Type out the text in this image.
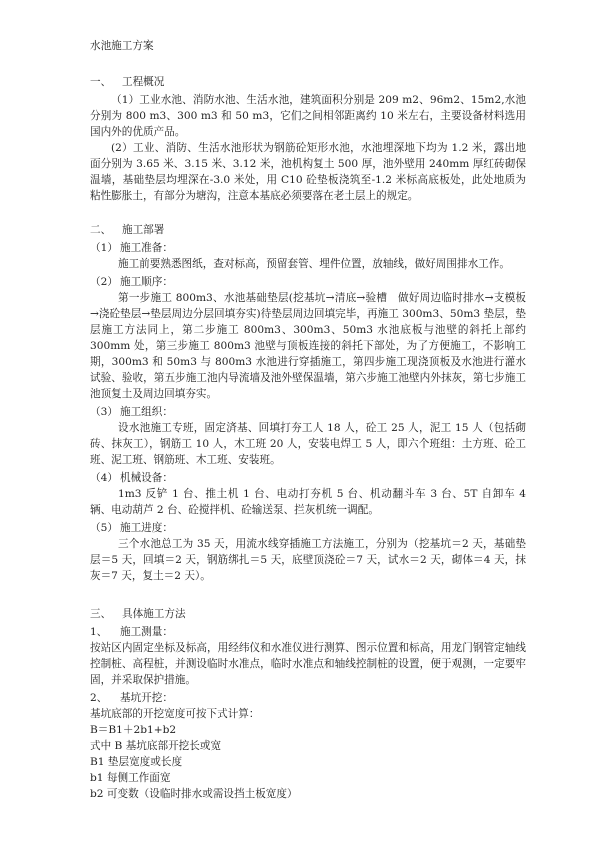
水池施工方案
一、 工程概况

（1）工业水池、消防水池、生活水池，建筑面积分别是 209 m2、96m2、15m2,水池分别为 800 m3、300 m3 和 50 m3，它们之间相邻距离约 10 米左右，主要设备材料选用国内外的优质产品。

(2）工业、消防、生活水池形状为钢筋砼矩形水池，水池埋深地下均为 1.2 米，露出地面分别为 3.65 米、3.15 米、3.12 米，池机构复土 500 厚，池外壁用 240mm 厚红砖砌保温墙，基础垫层均埋深在-3.0 米处，用 C10 砼垫板浇筑至-1.2 米标高底板处，此处地质为粘性膨胀土，有部分为塘沟，注意本基底必须要落在老土层上的规定。

二、 施工部署
（1） 施工准备：

施工前要熟悉图纸，查对标高，预留套管、埋件位置，放轴线，做好周围排水工作。

（2） 施工顺序：

第一步施工 800m3、水池基础垫层(挖基坑→清底→验槽　做好周边临时排水→支模板→浇砼垫层→垫层周边分层回填夯实)待垫层周边回填完毕，再施工 300m3、50m3 垫层，垫层施工方法同上，第二步施工 800m3、300m3、50m3 水池底板与池壁的斜托上部约 300mm 处，第三步施工 800m3 池壁与顶板连接的斜托下部处，为了方便施工，不影响工期，300m3 和 50m3 与 800m3 水池进行穿插施工，第四步施工现浇顶板及水池进行灌水试验、验收，第五步施工池内导流墙及池外壁保温墙，第六步施工池壁内外抹灰，第七步施工池顶复土及周边回填夯实。

（3） 施工组织：

设水池施工专班，固定済基、回填打夯工人 18 人，砼工 25 人，泥工 15 人（包括砌砖、抹灰工），钢筋工 10 人，木工班 20 人，安装电焊工 5 人，即六个班组：土方班、砼工班、泥工班、钢筋班、木工班、安装班。

（4） 机械设备：

1m3 反铲 1 台、推土机 1 台、电动打夯机 5 台、机动翻斗车 3 台、5T 自卸车 4 辆、电动葫芦 2 台、砼搅拌机、砼输送泵、拦灰机统一调配。

（5） 施工进度：

三个水池总工为 35 天，用流水线穿插施工方法施工，分别为（挖基坑＝2 天，基础垫层＝5 天，回填＝2 天，钢筋绑扎＝5 天，底壁顶浇砼＝7 天，试水＝2 天，砌体＝4 天，抹灰＝7 天，复土＝2 天）。

三、 具体施工方法
1、 施工测量：

按站区内固定坐标及标高，用经纬仪和水准仪进行测算、图示位置和标高，用龙门钢管定轴线控制桩、高程桩，并测设临时水准点，临时水准点和轴线控制桩的设置，便于观测，一定要牢固，并采取保护措施。

2、 基坑开挖：

基坑底部的开挖宽度可按下式计算：

B＝B1＋2b1+b2

式中 B 基坑底部开挖长或宽

B1 垫层宽度或长度

b1 每侧工作面宽

b2 可变数（设临时排水或需设挡土板宽度）
